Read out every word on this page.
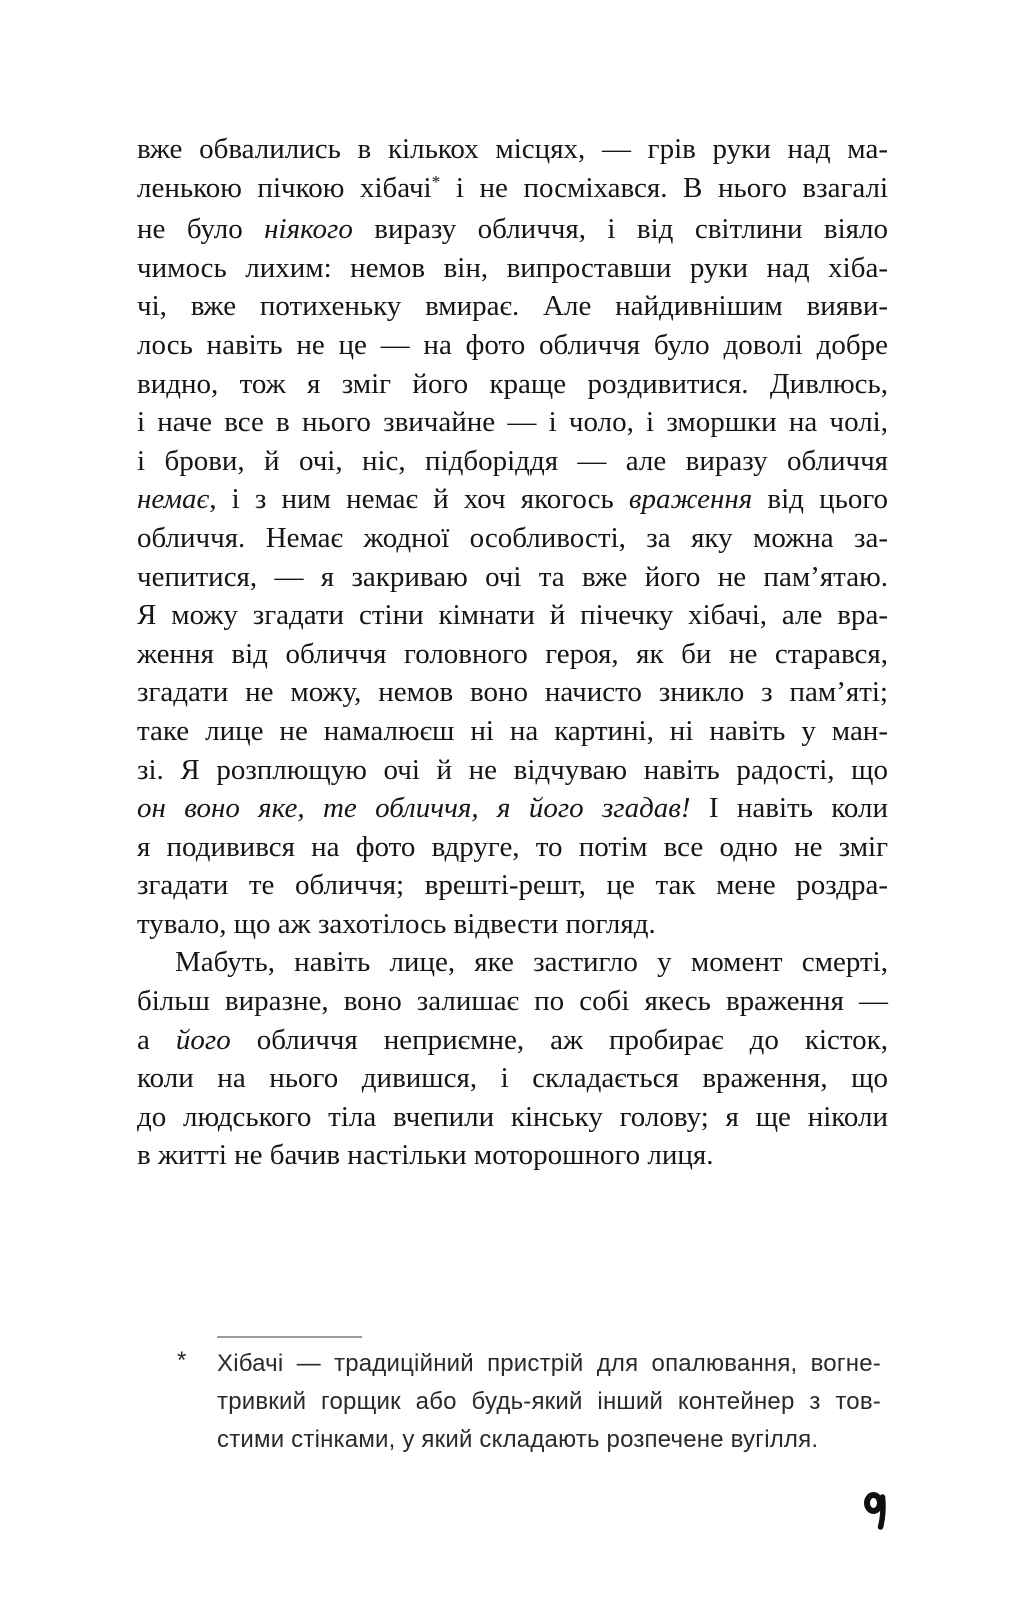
вже обвалились в кількох місцях, — грів руки над ма-
ленькою пічкою хібачі* і не посміхався. В нього взагалі
не було ніякого виразу обличчя, і від світлини віяло
чимось лихим: немов він, випроставши руки над хіба-
чі, вже потихеньку вмирає. Але найдивнішим вияви-
лось навіть не це — на фото обличчя було доволі добре
видно, тож я зміг його краще роздивитися. Дивлюсь,
і наче все в нього звичайне — і чоло, і зморшки на чолі,
і брови, й очі, ніс, підборіддя — але виразу обличчя
немає, і з ним немає й хоч якогось враження від цього
обличчя. Немає жодної особливості, за яку можна за-
чепитися, — я закриваю очі та вже його не пам’ятаю.
Я можу згадати стіни кімнати й пічечку хібачі, але вра-
ження від обличчя головного героя, як би не старався,
згадати не можу, немов воно начисто зникло з пам’яті;
таке лице не намалюєш ні на картині, ні навіть у ман-
зі. Я розплющую очі й не відчуваю навіть радості, що
он воно яке, те обличчя, я його згадав! І навіть коли
я подивився на фото вдруге, то потім все одно не зміг
згадати те обличчя; врешті-решт, це так мене роздра-
тувало, що аж захотілось відвести погляд.
Мабуть, навіть лице, яке застигло у момент смерті,
більш виразне, воно залишає по собі якесь враження —
а його обличчя неприємне, аж пробирає до кісток,
коли на нього дивишся, і складається враження, що
до людського тіла вчепили кінську голову; я ще ніколи
в житті не бачив настільки моторошного лиця.
* Хібачі — традиційний пристрій для опалювання, вогне-
тривкий горщик або будь-який інший контейнер з тов-
стими стінками, у який складають розпечене вугілля.
